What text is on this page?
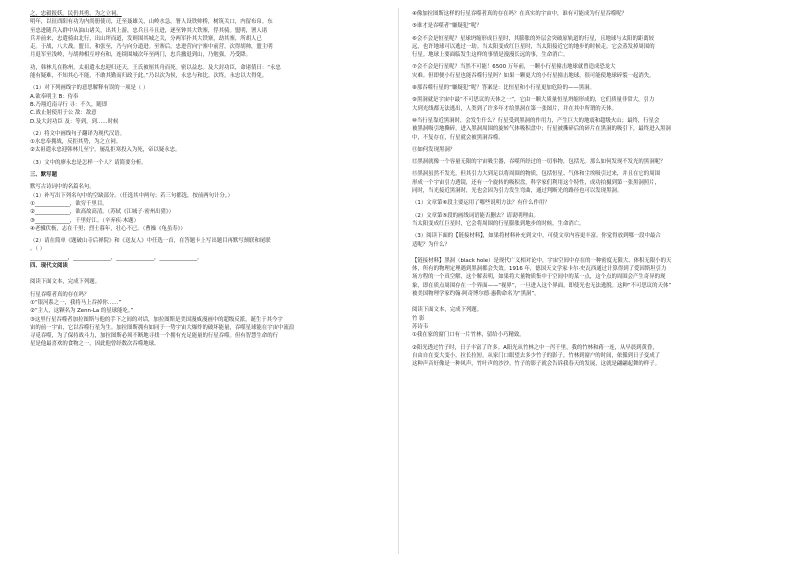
之，忠毅报妖。民仍其勇。为之立祠。
明年，以征酉阳有功为内尚册使司，迁至聂雄关，山岭水急，署人设铁帅桥，树筑关口，内留布帛。东
至忠进随兵入群中从油山诸关，出其上游，忠兵且斗且进，逐至钟其大铁寨，俘其骑。盟明，署人诸
兵并前来，忠遣骑由北行，出山坪而道，发则围其城之关，分两军扑其大铁寨，劫其寨，所胡人已
走。于战，八大战。盟日，和张至，乃与向分道进。至寨后，忠进营向宁寨中前营，次得胡帅，盟主明
月退军至浅岭，与胡帅相互呼有和，连续围城次年至两门，忠兵撤退到山，乃勉强，乃受降。
功，韩林儿在称州，太祖遣永忠迎归还天，王氏被厘其舟而死。密以益忠。及大封功臣，命诸倩曰：“永忠
能有疑难，不知其心不能，不敢其勤而归政于此。”乃以次为侯，永忠与和比。次终，永忠以大得免。
（1）对下列画线字的意思解释有误的一项是（ ）
A.欲奉明主 B：侍奉
B.乃翔近南寻行 寻：不久，随即
C.战止射使用于公 敌：敌意
D.及大封功臣 及：等到，到……时候
（2）将文中画线句子翻译为现代汉语。
①水忠奉拥战，反拒其势，为之立祠。
②太祖遣永忠迎韩林儿至宁，屡乱拒寒投入为死，帝以疑永忠。
（3）文中的廖永忠是怎样一个人？请简要分析。
三、默写题
默写古诗词中的名篇名句。
（1）补写出下列名句中的空缺部分。（任选其中两句；若三句都选，按前两句计分。）
①_____________，欲穷千里目。
②_____________，欲高故高清。（苏轼《江城子·密州出猎》）
③_____________，千里好江。（辛弃疾·木题）
④老骥伏枥，志在千里；烈士暮年，壮心不已。（曹操《龟虽寿》）
（2）请在简单《题破山寺后禅院》和《送友人》中任选一首，在答题卡上写出题目再默写颈联和尾联
。（ ）
______________，______________，______________，______________。
四、现代文阅读
阅读下面文本，完成下列题。
行星吞噬者真的存在吗？
①“银河系之一，我将马上吞掉你……”
②“主人，这颗名为 Zenn-La 的星球能吃。”
③这里行星吞噬者加拉图斯与他的手下之间的对话，加拉图斯是美国漫威漫画中的超级反派，诞生于其今宇
宙的前一宇宙，它以吞噬行星为生。加拉图斯拥有如同于一势宇宙大爆炸的破坏能量，吞噬星球能在宇宙中流浪
寻觅吞噬，为了保持战斗力，加拉图斯必须不断地寻找一个拥有充足能量的行星吞噬。但有智慧生命的行
星是他最喜欢的食物之一，因此他曾经数次吞噬地球。
④像加拉图斯这样的行星吞噬者真的存在吗？在真实的宇宙中，谁有可能成为行星吞噬呢？
⑤谁才是吞噬者“嫌疑犯”呢？
⑥会不会是恒星呢？星球坍缩形成巨星时，其膨胀的外层会突破原轨道的行星，且地球与太阳的距离较
远，也许地球可以逃过一劫。当太阳变成红巨星时，当太阳接近它的地步的时候走，它会蒸发掉周围的
行星。地球上要面临发生这样的事情是漫漫长远的事，生命消亡。
⑦会不会是行星呢？当然不可能！6500 万年前，一颗小行星撞击地球就曾造成恐龙大
灾难。但即便小行星也能吞噬行星吗？如果一颗更大的小行星撞击地球，很可能使地球碎裂一起消失。
⑧那吞噬行星的“嫌疑犯”呢？答案是：比恒星和小行星更加危险的——黑洞。
⑨黑洞就是宇宙中最“不可思议的天体之一”，它由一颗大质量恒星坍缩形成的，它们质量非常大，引力
大到光线都无法逃出，人类到了许多年才给黑洞在第一张图片，并在其中所谓的天体。
⑩当行星靠近黑洞时，会发生什么？行星受到黑洞的作用力，产生巨大的地震和超级火山；最终，行星会
被黑洞吸引地撕碎，进入黑洞周围的旋转气体吸积盘中；行星被撕碎后的碎片在黑洞的吸引下，最终进入黑洞
中，不复存在，行星就会被黑洞吞噬。
⑪如何发现黑洞？
⑫黑洞就像一个容量无限的宇宙吸尘器，吞噬所经过的一切事物，包括光。那么如何发现不发光的黑洞呢？
⑬黑洞虽然不发光，但其引力大到足以将周围的物质，包括恒星、气体和尘埃吸引过来，并且在它的周围
形成一个宇宙引力透镜，还有一个旋转的吸积盘，科学家们利用这个特性，成功拍摄到第一张黑洞照片，
同时，当光接近黑洞时，光也会因为引力发生弯曲，通过判断光的路径也可以发现黑洞。
（1）文章第⑥段主要运用了哪些说明方法？有什么作用？
（2）文章第⑤段的画线词语能否删去？请说明理由。
当太阳变成红巨星时，它会将周围的行星膨胀到地步的时候，生命消亡。
（3）阅读下面的【链接材料】，如果将材料补充到文中，可使文章内容更丰富。你觉得放到哪一段中最合
适呢？为什么？
【链接材料】黑洞（black hole）是现代广义相对论中，宇宙空间中存在的一种密度无限大、体积无限小的天
体，所有的物理定理遇到黑洞都会失效。1916 年，德国天文学家卡尔·史瓦西通过计算得到了爱因斯坦引力
场方程的一个真空解，这个解表明，如果将大量物质集中于空间中的某一点，这个点的周围会产生奇异的现
象，即在质点周围存在一个界面——“视界”，一旦进入这个界面，即使光也无法逃脱。这种“不可思议的天体”
被美国物理学家约翰·阿奇博尔德·惠勒命名为“黑洞”。
阅读下面文本，完成下列题。
竹 影
苏诗韦
①我在家的窗门口有一片竹林，留给小巧精致。
②阳光透过竹子时，日子丰富了许多。A阳光从竹林之中一泻千里，我的竹林和蒋一连，从早晨到黄昏，
自由自在变大变小，拉长拉短。从家门口眼望去多少竹子的影子，竹林到窗户的时间，依循到日子变成了
这种声音好像是一种风声，竹叶声的沙沙。竹子的影子就会告诉我春天的发展，这就是翩翩起舞的样子。
